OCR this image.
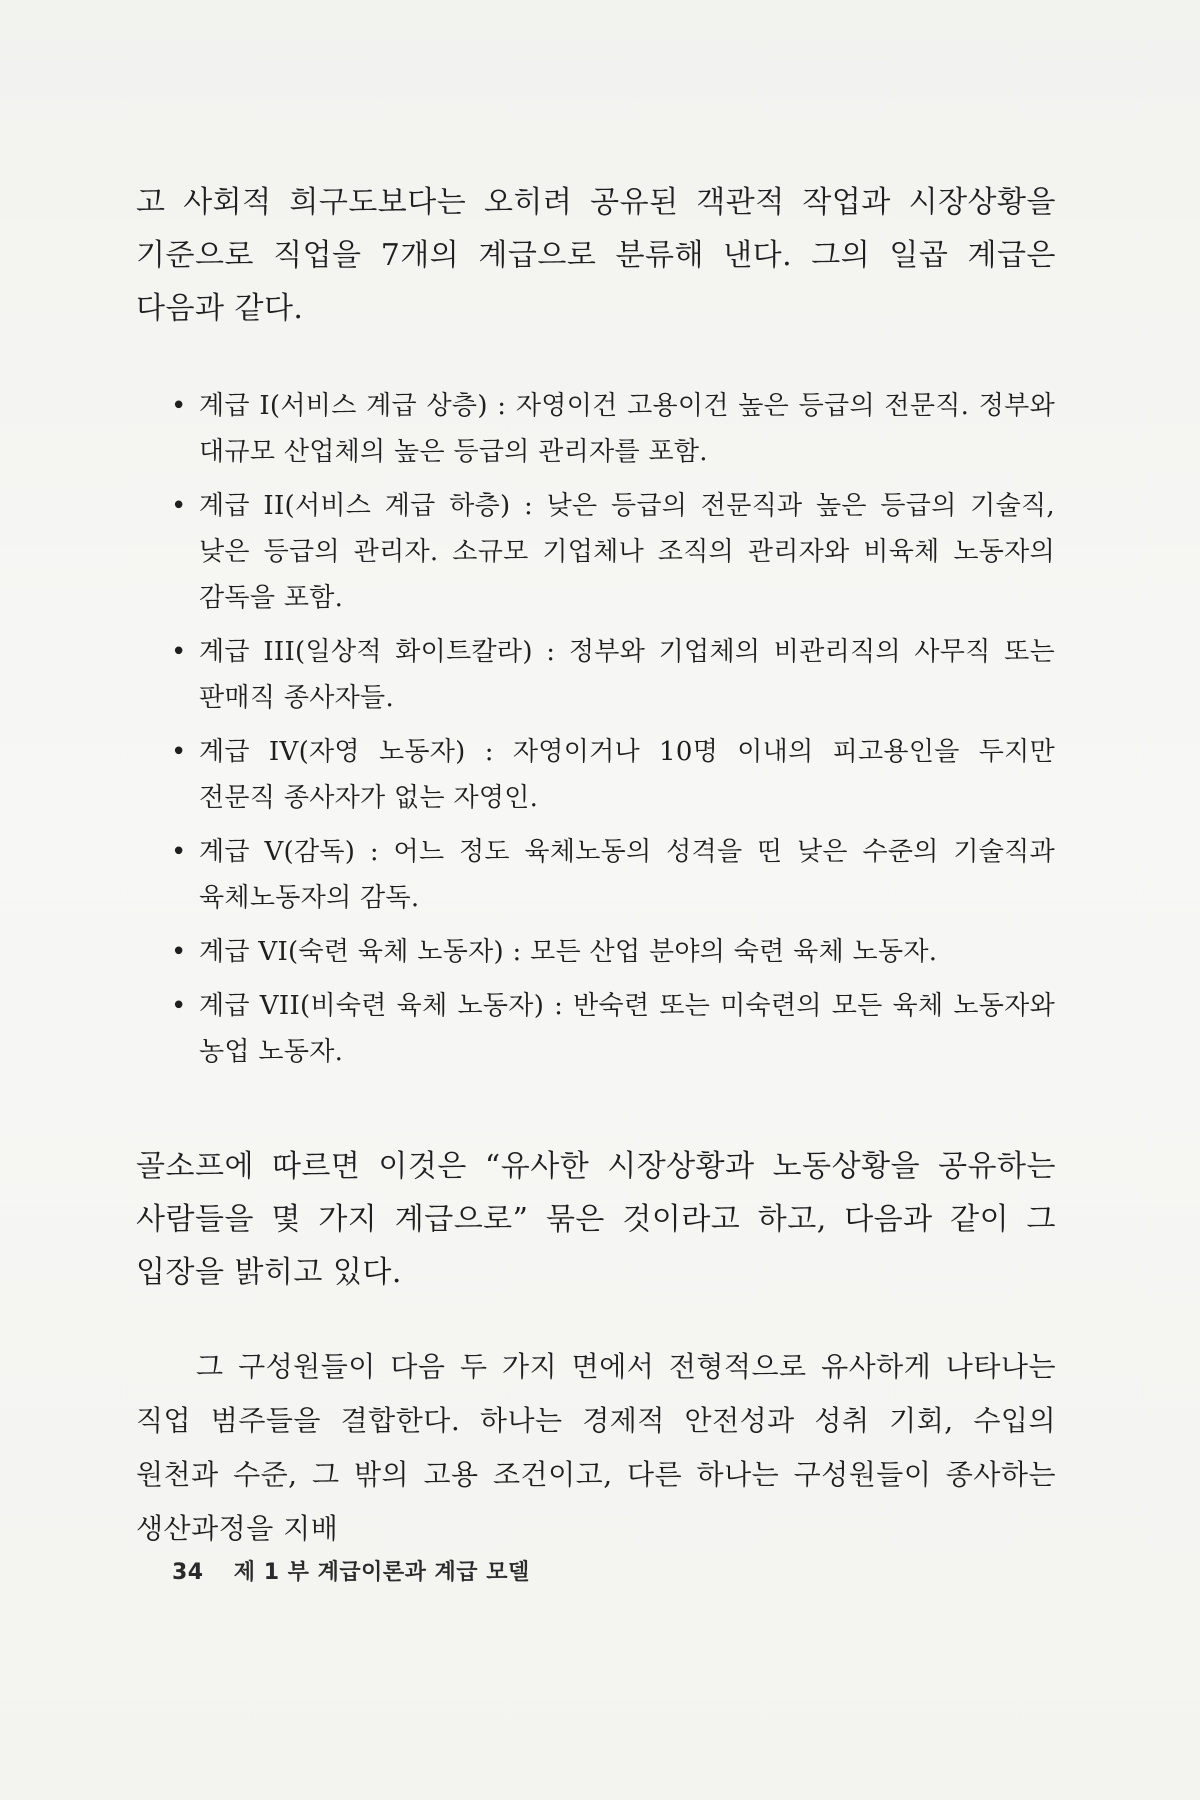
고 사회적 희구도보다는 오히려 공유된 객관적 작업과 시장상황을 기준으로 직업을 7개의 계급으로 분류해 낸다. 그의 일곱 계급은 다음과 같다.

• 계급 I(서비스 계급 상층) : 자영이건 고용이건 높은 등급의 전문직. 정부와 대규모 산업체의 높은 등급의 관리자를 포함.
• 계급 II(서비스 계급 하층) : 낮은 등급의 전문직과 높은 등급의 기술직, 낮은 등급의 관리자. 소규모 기업체나 조직의 관리자와 비육체 노동자의 감독을 포함.
• 계급 III(일상적 화이트칼라) : 정부와 기업체의 비관리직의 사무직 또는 판매직 종사자들.
• 계급 IV(자영 노동자) : 자영이거나 10명 이내의 피고용인을 두지만 전문직 종사자가 없는 자영인.
• 계급 V(감독) : 어느 정도 육체노동의 성격을 띤 낮은 수준의 기술직과 육체노동자의 감독.
• 계급 VI(숙련 육체 노동자) : 모든 산업 분야의 숙련 육체 노동자.
• 계급 VII(비숙련 육체 노동자) : 반숙련 또는 미숙련의 모든 육체 노동자와 농업 노동자.

골소프에 따르면 이것은 “유사한 시장상황과 노동상황을 공유하는 사람들을 몇 가지 계급으로” 묶은 것이라고 하고, 다음과 같이 그 입장을 밝히고 있다.

그 구성원들이 다음 두 가지 면에서 전형적으로 유사하게 나타나는 직업 범주들을 결합한다. 하나는 경제적 안전성과 성취 기회, 수입의 원천과 수준, 그 밖의 고용 조건이고, 다른 하나는 구성원들이 종사하는 생산과정을 지배

34 제 1 부 계급이론과 계급 모델
